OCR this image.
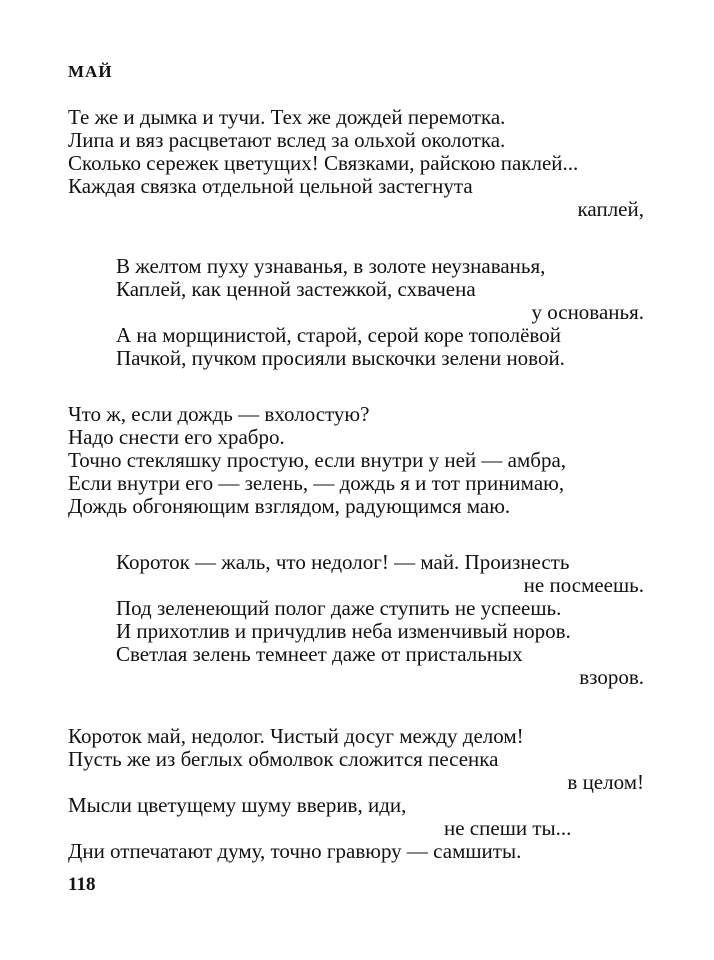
МАЙ
Те же и дымка и тучи. Тех же дождей перемотка.
Липа и вяз расцветают вслед за ольхой околотка.
Сколько сережек цветущих! Связками, райскою паклей...
Каждая связка отдельной цельной застегнута
каплей,
В желтом пуху узнаванья, в золоте неузнаванья,
Каплей, как ценной застежкой, схвачена
у основанья.
А на морщинистой, старой, серой коре тополёвой
Пачкой, пучком просияли выскочки зелени новой.
Что ж, если дождь — вхолостую?
Надо снести его храбро.
Точно стекляшку простую, если внутри у ней — амбра,
Если внутри его — зелень, — дождь я и тот принимаю,
Дождь обгоняющим взглядом, радующимся маю.
Короток — жаль, что недолог! — май. Произнесть
не посмеешь.
Под зеленеющий полог даже ступить не успеешь.
И прихотлив и причудлив неба изменчивый норов.
Светлая зелень темнеет даже от пристальных
взоров.
Короток май, недолог. Чистый досуг между делом!
Пусть же из беглых обмолвок сложится песенка
в целом!
Мысли цветущему шуму вверив, иди,
не спеши ты...
Дни отпечатают думу, точно гравюру — самшиты.
118
